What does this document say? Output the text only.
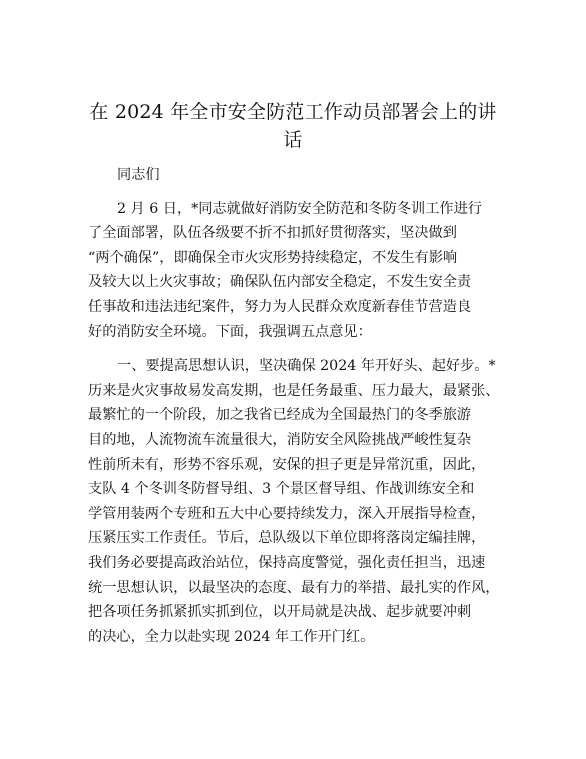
在 2024 年全市安全防范工作动员部署会上的讲
话

同志们

2 月 6 日，*同志就做好消防安全防范和冬防冬训工作进行
了全面部署，队伍各级要不折不扣抓好贯彻落实，坚决做到
“两个确保”，即确保全市火灾形势持续稳定，不发生有影响
及较大以上火灾事故；确保队伍内部安全稳定，不发生安全责
任事故和违法违纪案件，努力为人民群众欢度新春佳节营造良
好的消防安全环境。下面，我强调五点意见：

一、要提高思想认识，坚决确保 2024 年开好头、起好步。*
历来是火灾事故易发高发期，也是任务最重、压力最大，最紧张、
最繁忙的一个阶段，加之我省已经成为全国最热门的冬季旅游
目的地，人流物流车流量很大，消防安全风险挑战严峻性复杂
性前所未有，形势不容乐观，安保的担子更是异常沉重，因此，
支队 4 个冬训冬防督导组、3 个景区督导组、作战训练安全和
学管用装两个专班和五大中心要持续发力，深入开展指导检查，
压紧压实工作责任。节后，总队级以下单位即将落岗定编挂牌，
我们务必要提高政治站位，保持高度警觉，强化责任担当，迅速
统一思想认识，以最坚决的态度、最有力的举措、最扎实的作风，
把各项任务抓紧抓实抓到位，以开局就是决战、起步就要冲刺
的决心，全力以赴实现 2024 年工作开门红。
